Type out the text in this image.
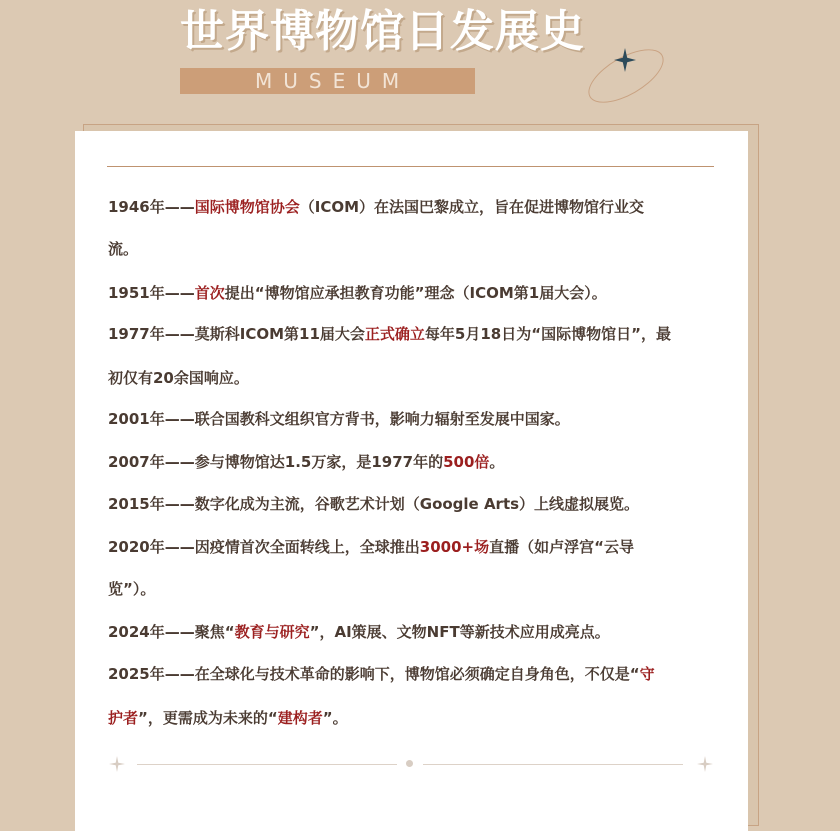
世界博物馆日发展史
MUSEUM

1946年——国际博物馆协会（ICOM）在法国巴黎成立，旨在促进博物馆行业交

流。

1951年——首次提出“博物馆应承担教育功能”理念（ICOM第1届大会）。

1977年——莫斯科ICOM第11届大会正式确立每年5月18日为“国际博物馆日”，最

初仅有20余国响应。

2001年——联合国教科文组织官方背书，影响力辐射至发展中国家。

2007年——参与博物馆达1.5万家，是1977年的500倍。

2015年——数字化成为主流，谷歌艺术计划（Google Arts）上线虚拟展览。

2020年——因疫情首次全面转线上，全球推出3000+场直播（如卢浮宫“云导

览”）。

2024年——聚焦“教育与研究”，AI策展、文物NFT等新技术应用成亮点。

2025年——在全球化与技术革命的影响下，博物馆必须确定自身角色，不仅是“守

护者”，更需成为未来的“建构者”。
